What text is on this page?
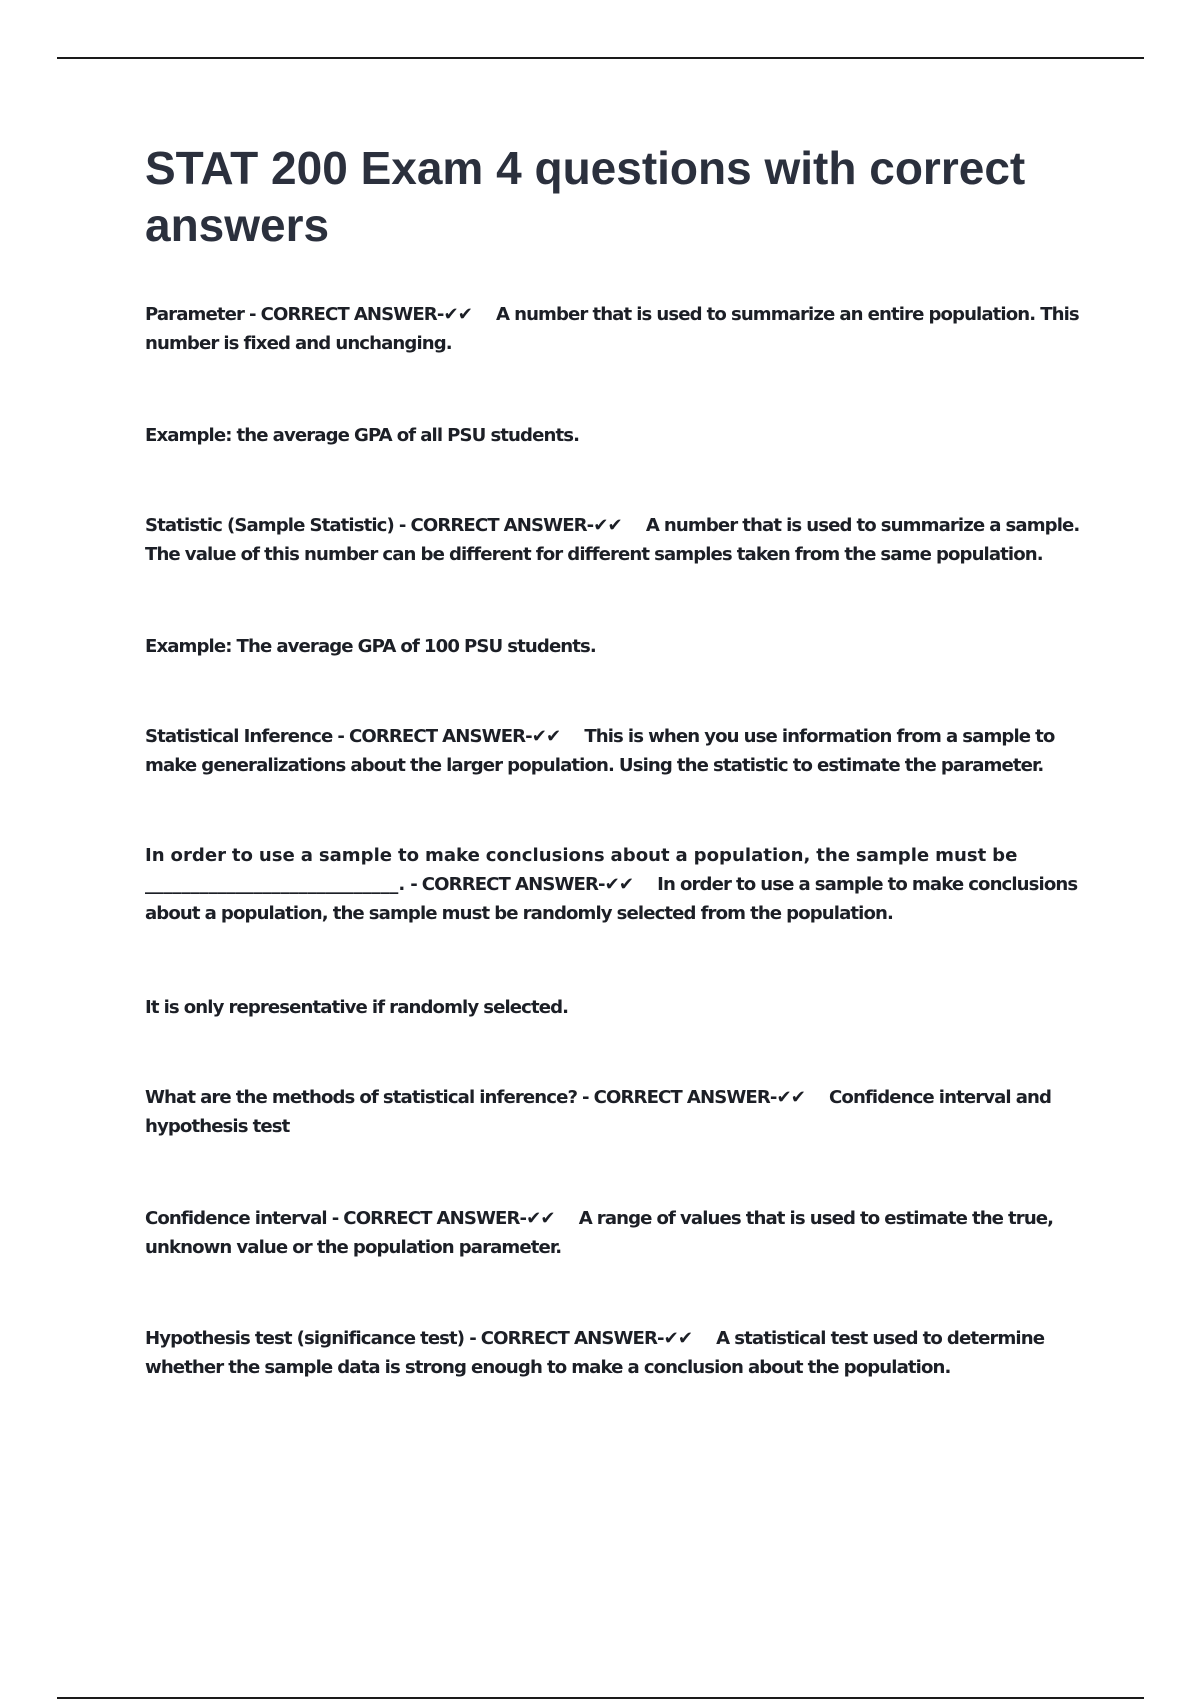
STAT 200 Exam 4 questions with correct answers

Parameter - CORRECT ANSWER-✔✔ A number that is used to summarize an entire population. This number is fixed and unchanging.

Example: the average GPA of all PSU students.

Statistic (Sample Statistic) - CORRECT ANSWER-✔✔ A number that is used to summarize a sample. The value of this number can be different for different samples taken from the same population.

Example: The average GPA of 100 PSU students.

Statistical Inference - CORRECT ANSWER-✔✔ This is when you use information from a sample to make generalizations about the larger population. Using the statistic to estimate the parameter.

In order to use a sample to make conclusions about a population, the sample must be ____________________________. - CORRECT ANSWER-✔✔ In order to use a sample to make conclusions about a population, the sample must be randomly selected from the population.

It is only representative if randomly selected.

What are the methods of statistical inference? - CORRECT ANSWER-✔✔ Confidence interval and hypothesis test

Confidence interval - CORRECT ANSWER-✔✔ A range of values that is used to estimate the true, unknown value or the population parameter.

Hypothesis test (significance test) - CORRECT ANSWER-✔✔ A statistical test used to determine whether the sample data is strong enough to make a conclusion about the population.
